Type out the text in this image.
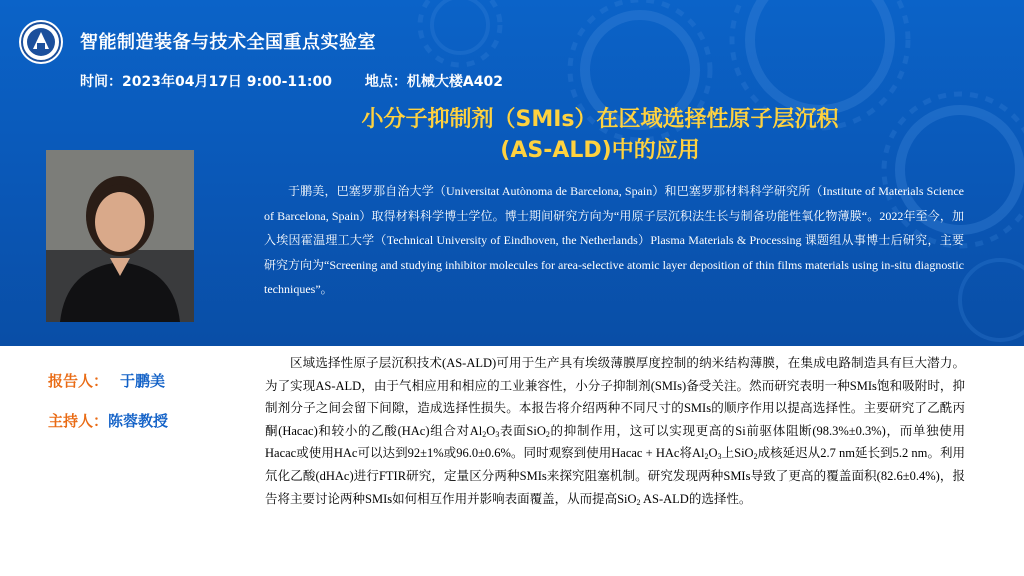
智能制造装备与技术全国重点实验室
时间：2023年04月17日 9:00-11:00 地点：机械大楼A402
小分子抑制剂（SMIs）在区域选择性原子层沉积
(AS-ALD)中的应用
于鹏美，巴塞罗那自治大学（Universitat Autònoma de Barcelona, Spain）和巴塞罗那材料科学研究所（Institute of Materials Science of Barcelona, Spain）取得材料科学博士学位。博士期间研究方向为“用原子层沉积法生长与制备功能性氧化物薄膜“。2022年至今，加入埃因霍温理工大学（Technical University of Eindhoven, the Netherlands）Plasma Materials & Processing 课题组从事博士后研究，主要研究方向为“Screening and studying inhibitor molecules for area-selective atomic layer deposition of thin films materials using in-situ diagnostic techniques”。
报告人： 于鹏美
主持人：陈蓉教授
区域选择性原子层沉积技术(AS-ALD)可用于生产具有埃级薄膜厚度控制的纳米结构薄膜，在集成电路制造具有巨大潜力。为了实现AS-ALD，由于气相应用和相应的工业兼容性，小分子抑制剂(SMIs)备受关注。然而研究表明一种SMIs饱和吸附时，抑制剂分子之间会留下间隙，造成选择性损失。本报告将介绍两种不同尺寸的SMIs的顺序作用以提高选择性。主要研究了乙酰丙酮(Hacac)和较小的乙酸(HAc)组合对$Al_2O_3$表面SiO$_2$的抑制作用，这可以实现更高的Si前驱体阻断(98.3%±0.3%)，而单独使用Hacac或使用HAc可以达到92±1%或96.0±0.6%。同时观察到使用Hacac + HAc将$Al_2O_3$上SiO$_2$成核延迟从2.7 nm延长到5.2 nm。利用氘化乙酸(dHAc)进行FTIR研究，定量区分两种SMIs来探究阻塞机制。研究发现两种SMIs导致了更高的覆盖面积(82.6±0.4%)，报告将主要讨论两种SMIs如何相互作用并影响表面覆盖，从而提高SiO$_2$ AS-ALD的选择性。
